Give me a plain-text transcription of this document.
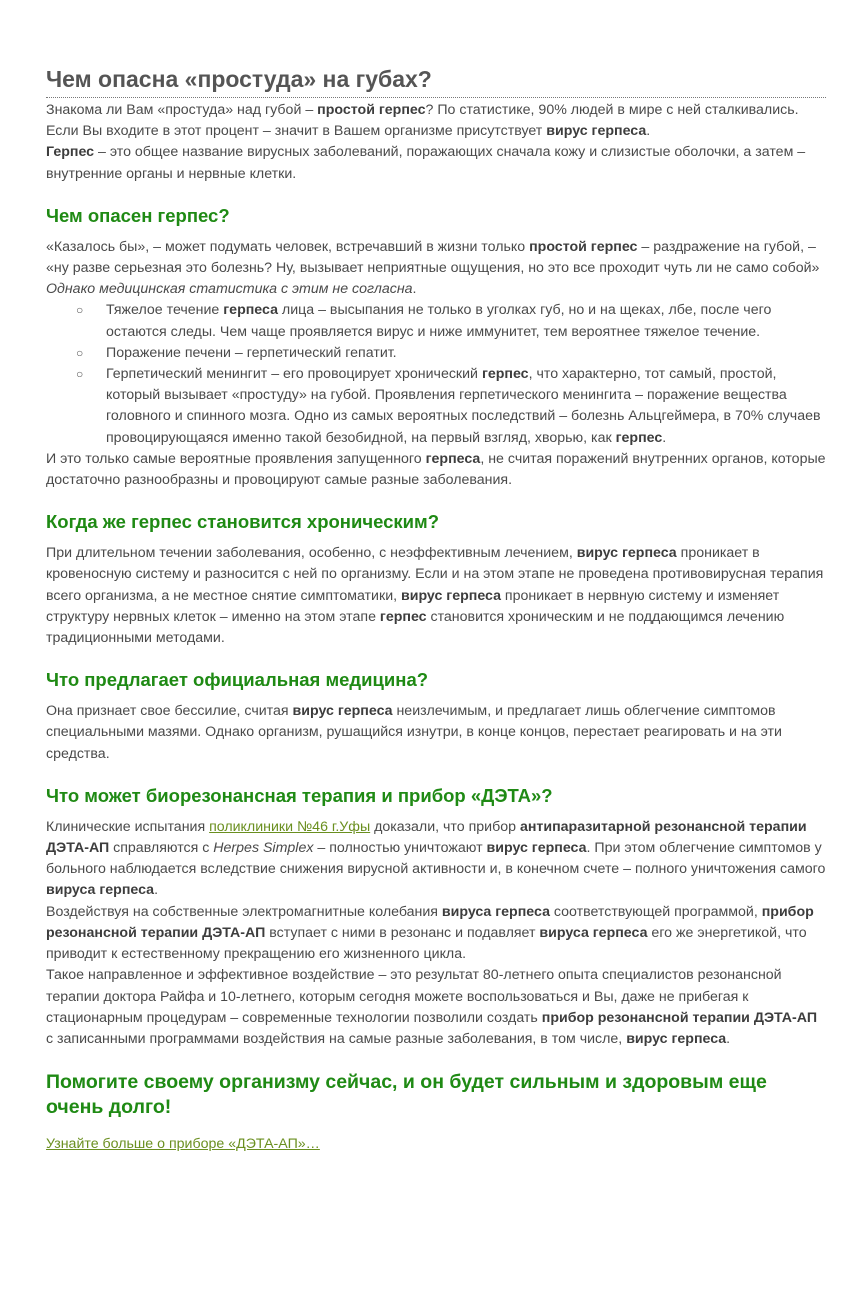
Чем опасна «простуда» на губах?

Знакома ли Вам «простуда» над губой – простой герпес? По статистике, 90% людей в мире с ней сталкивались. Если Вы входите в этот процент – значит в Вашем организме присутствует вирус герпеса.
Герпес – это общее название вирусных заболеваний, поражающих сначала кожу и слизистые оболочки, а затем – внутренние органы и нервные клетки.

Чем опасен герпес?

«Казалось бы», – может подумать человек, встречавший в жизни только простой герпес – раздражение на губой, – «ну разве серьезная это болезнь? Ну, вызывает неприятные ощущения, но это все проходит чуть ли не само собой»
Однако медицинская статистика с этим не согласна.

○ Тяжелое течение герпеса лица – высыпания не только в уголках губ, но и на щеках, лбе, после чего остаются следы. Чем чаще проявляется вирус и ниже иммунитет, тем вероятнее тяжелое течение.
○ Поражение печени – герпетический гепатит.
○ Герпетический менингит – его провоцирует хронический герпес, что характерно, тот самый, простой, который вызывает «простуду» на губой. Проявления герпетического менингита – поражение вещества головного и спинного мозга. Одно из самых вероятных последствий – болезнь Альцгеймера, в 70% случаев провоцирующаяся именно такой безобидной, на первый взгляд, хворью, как герпес.

И это только самые вероятные проявления запущенного герпеса, не считая поражений внутренних органов, которые достаточно разнообразны и провоцируют самые разные заболевания.

Когда же герпес становится хроническим?

При длительном течении заболевания, особенно, с неэффективным лечением, вирус герпеса проникает в кровеносную систему и разносится с ней по организму. Если и на этом этапе не проведена противовирусная терапия всего организма, а не местное снятие симптоматики, вирус герпеса проникает в нервную систему и изменяет структуру нервных клеток – именно на этом этапе герпес становится хроническим и не поддающимся лечению традиционными методами.

Что предлагает официальная медицина?

Она признает свое бессилие, считая вирус герпеса неизлечимым, и предлагает лишь облегчение симптомов специальными мазями. Однако организм, рушащийся изнутри, в конце концов, перестает реагировать и на эти средства.

Что может биорезонансная терапия и прибор «ДЭТА»?

Клинические испытания поликлиники №46 г.Уфы доказали, что прибор антипаразитарной резонансной терапии ДЭТА-АП справляются с Herpes Simplex – полностью уничтожают вирус герпеса. При этом облегчение симптомов у больного наблюдается вследствие снижения вирусной активности и, в конечном счете – полного уничтожения самого вируса герпеса.

Воздействуя на собственные электромагнитные колебания вируса герпеса соответствующей программой, прибор резонансной терапии ДЭТА-АП вступает с ними в резонанс и подавляет вируса герпеса его же энергетикой, что приводит к естественному прекращению его жизненного цикла.

Такое направленное и эффективное воздействие – это результат 80-летнего опыта специалистов резонансной терапии доктора Райфа и 10-летнего, которым сегодня можете воспользоваться и Вы, даже не прибегая к стационарным процедурам – современные технологии позволили создать прибор резонансной терапии ДЭТА-АП с записанными программами воздействия на самые разные заболевания, в том числе, вирус герпеса.

Помогите своему организму сейчас, и он будет сильным и здоровым еще очень долго!

Узнайте больше о приборе «ДЭТА-АП»…
